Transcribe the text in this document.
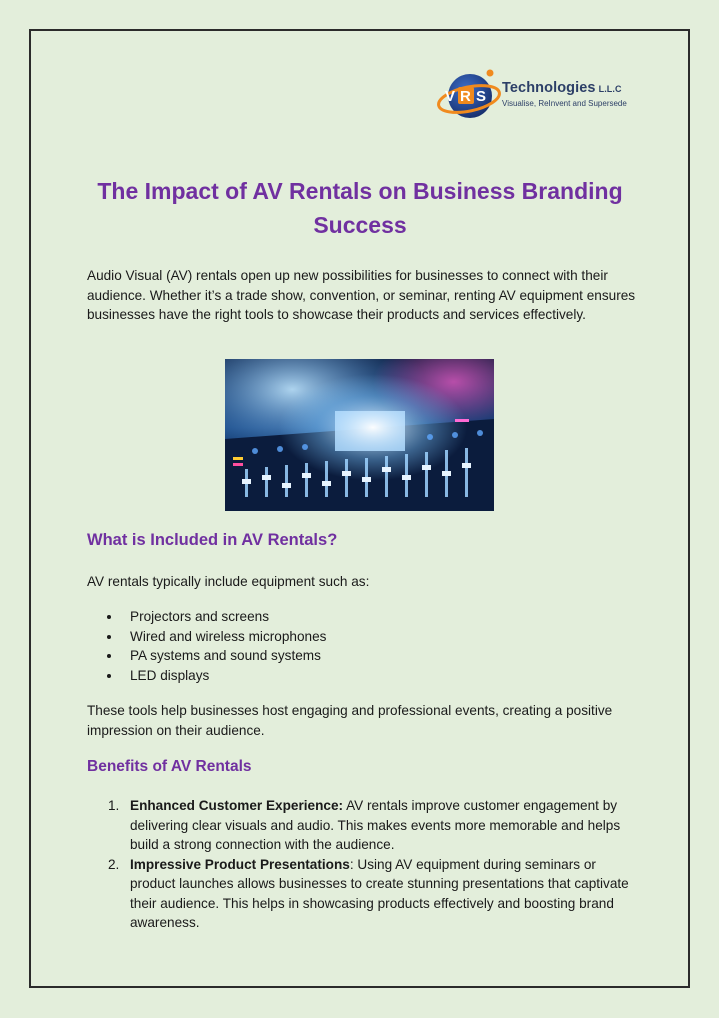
V R S Technologies L.L.C
Visualise, ReInvent and Supersede
The Impact of AV Rentals on Business Branding Success

Audio Visual (AV) rentals open up new possibilities for businesses to connect with their audience. Whether it’s a trade show, convention, or seminar, renting AV equipment ensures businesses have the right tools to showcase their products and services effectively.

What is Included in AV Rentals?

AV rentals typically include equipment such as:

Projectors and screens
Wired and wireless microphones
PA systems and sound systems
LED displays

These tools help businesses host engaging and professional events, creating a positive impression on their audience.

Benefits of AV Rentals
1. Enhanced Customer Experience: AV rentals improve customer engagement by delivering clear visuals and audio. This makes events more memorable and helps build a strong connection with the audience.
2. Impressive Product Presentations: Using AV equipment during seminars or product launches allows businesses to create stunning presentations that captivate their audience. This helps in showcasing products effectively and boosting brand awareness.
